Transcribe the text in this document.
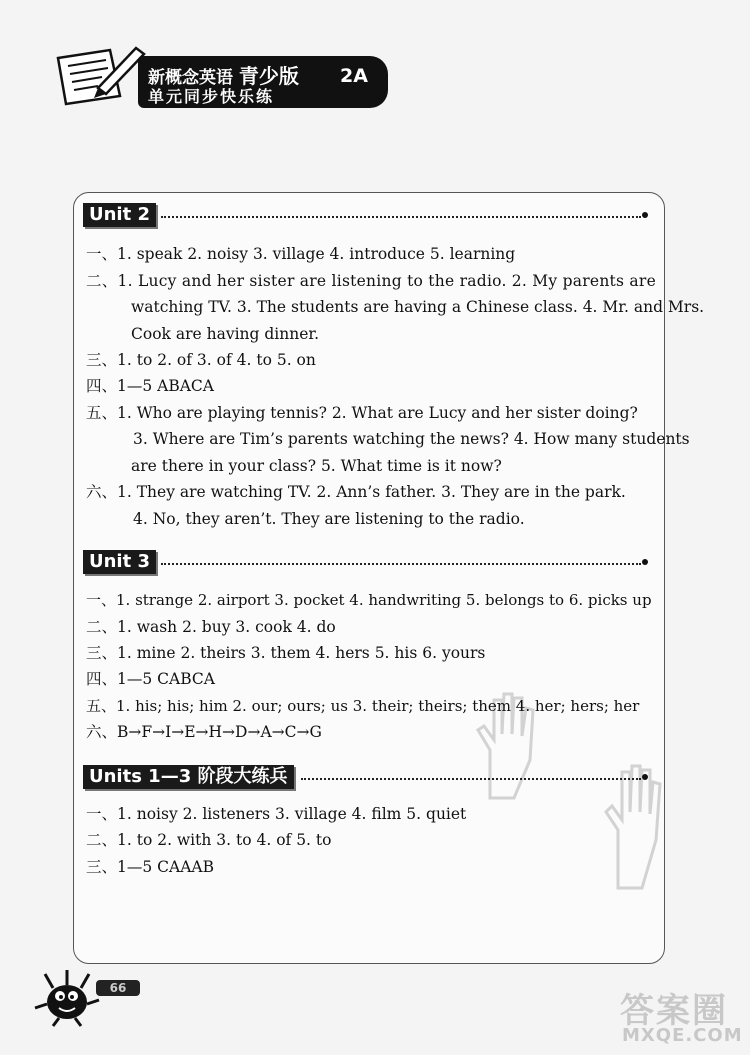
新概念英语 青少版
单元同步快乐练
2A
Unit 2
一、1. speak 2. noisy 3. village 4. introduce 5. learning
二、1. Lucy and her sister are listening to the radio. 2. My parents are
watching TV. 3. The students are having a Chinese class. 4. Mr. and Mrs.
Cook are having dinner.
三、1. to 2. of 3. of 4. to 5. on
四、1—5 ABACA
五、1. Who are playing tennis? 2. What are Lucy and her sister doing?
3. Where are Tim’s parents watching the news? 4. How many students
are there in your class? 5. What time is it now?
六、1. They are watching TV. 2. Ann’s father. 3. They are in the park.
4. No, they aren’t. They are listening to the radio.
Unit 3
一、1. strange 2. airport 3. pocket 4. handwriting 5. belongs to 6. picks up
二、1. wash 2. buy 3. cook 4. do
三、1. mine 2. theirs 3. them 4. hers 5. his 6. yours
四、1—5 CABCA
五、1. his; his; him 2. our; ours; us 3. their; theirs; them 4. her; hers; her
六、B→F→I→E→H→D→A→C→G
Units 1—3 阶段大练兵
一、1. noisy 2. listeners 3. village 4. film 5. quiet
二、1. to 2. with 3. to 4. of 5. to
三、1—5 CAAAB
66
答案圈
MXQE.COM
